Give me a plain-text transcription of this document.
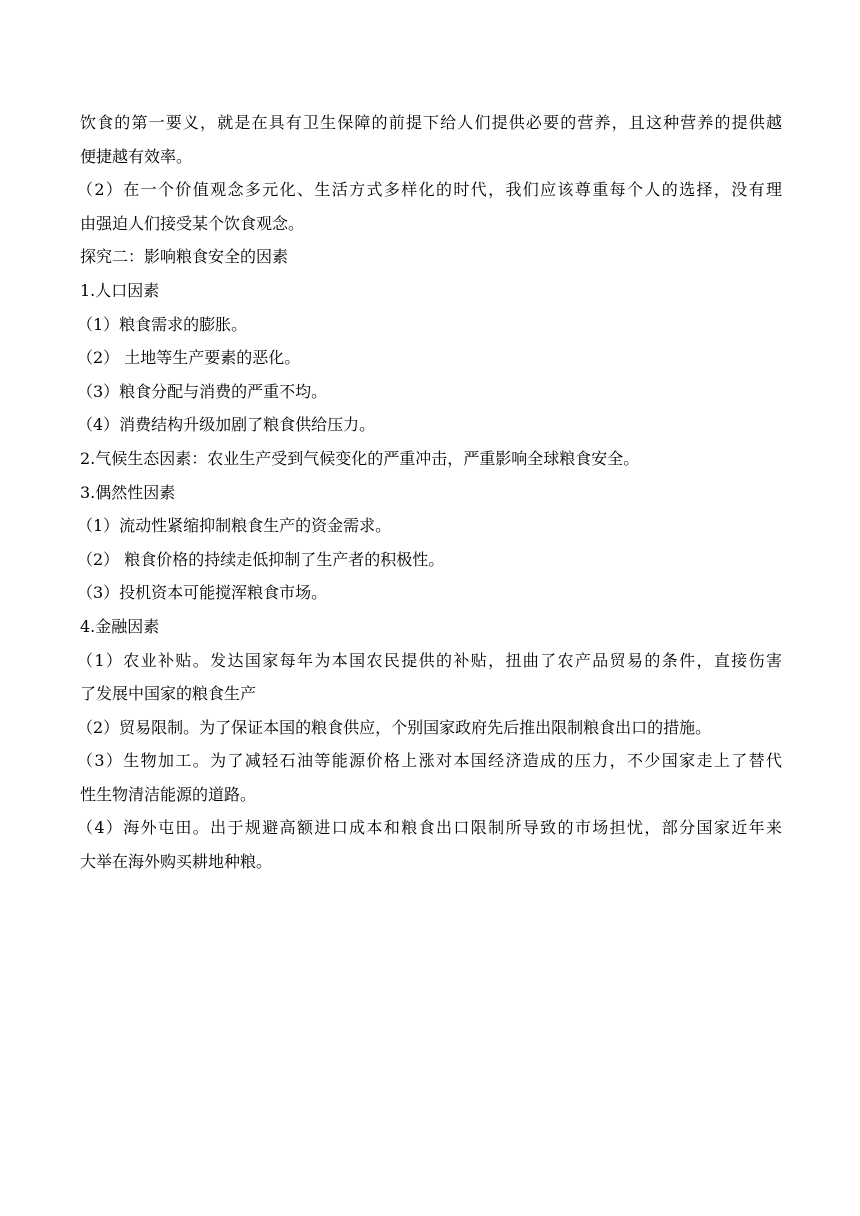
饮食的第一要义，就是在具有卫生保障的前提下给人们提供必要的营养，且这种营养的提供越
便捷越有效率。
（2）在一个价值观念多元化、生活方式多样化的时代，我们应该尊重每个人的选择，没有理
由强迫人们接受某个饮食观念。
探究二：影响粮食安全的因素
1.人口因素
（1）粮食需求的膨胀。
（2） 土地等生产要素的恶化。
（3）粮食分配与消费的严重不均。
（4）消费结构升级加剧了粮食供给压力。
2.气候生态因素：农业生产受到气候变化的严重冲击，严重影响全球粮食安全。
3.偶然性因素
（1）流动性紧缩抑制粮食生产的资金需求。
（2） 粮食价格的持续走低抑制了生产者的积极性。
（3）投机资本可能搅浑粮食市场。
4.金融因素
（1）农业补贴。发达国家每年为本国农民提供的补贴，扭曲了农产品贸易的条件，直接伤害
了发展中国家的粮食生产
（2）贸易限制。为了保证本国的粮食供应，个别国家政府先后推出限制粮食出口的措施。
（3）生物加工。为了减轻石油等能源价格上涨对本国经济造成的压力，不少国家走上了替代
性生物清洁能源的道路。
（4）海外屯田。出于规避高额进口成本和粮食出口限制所导致的市场担忧，部分国家近年来
大举在海外购买耕地种粮。
